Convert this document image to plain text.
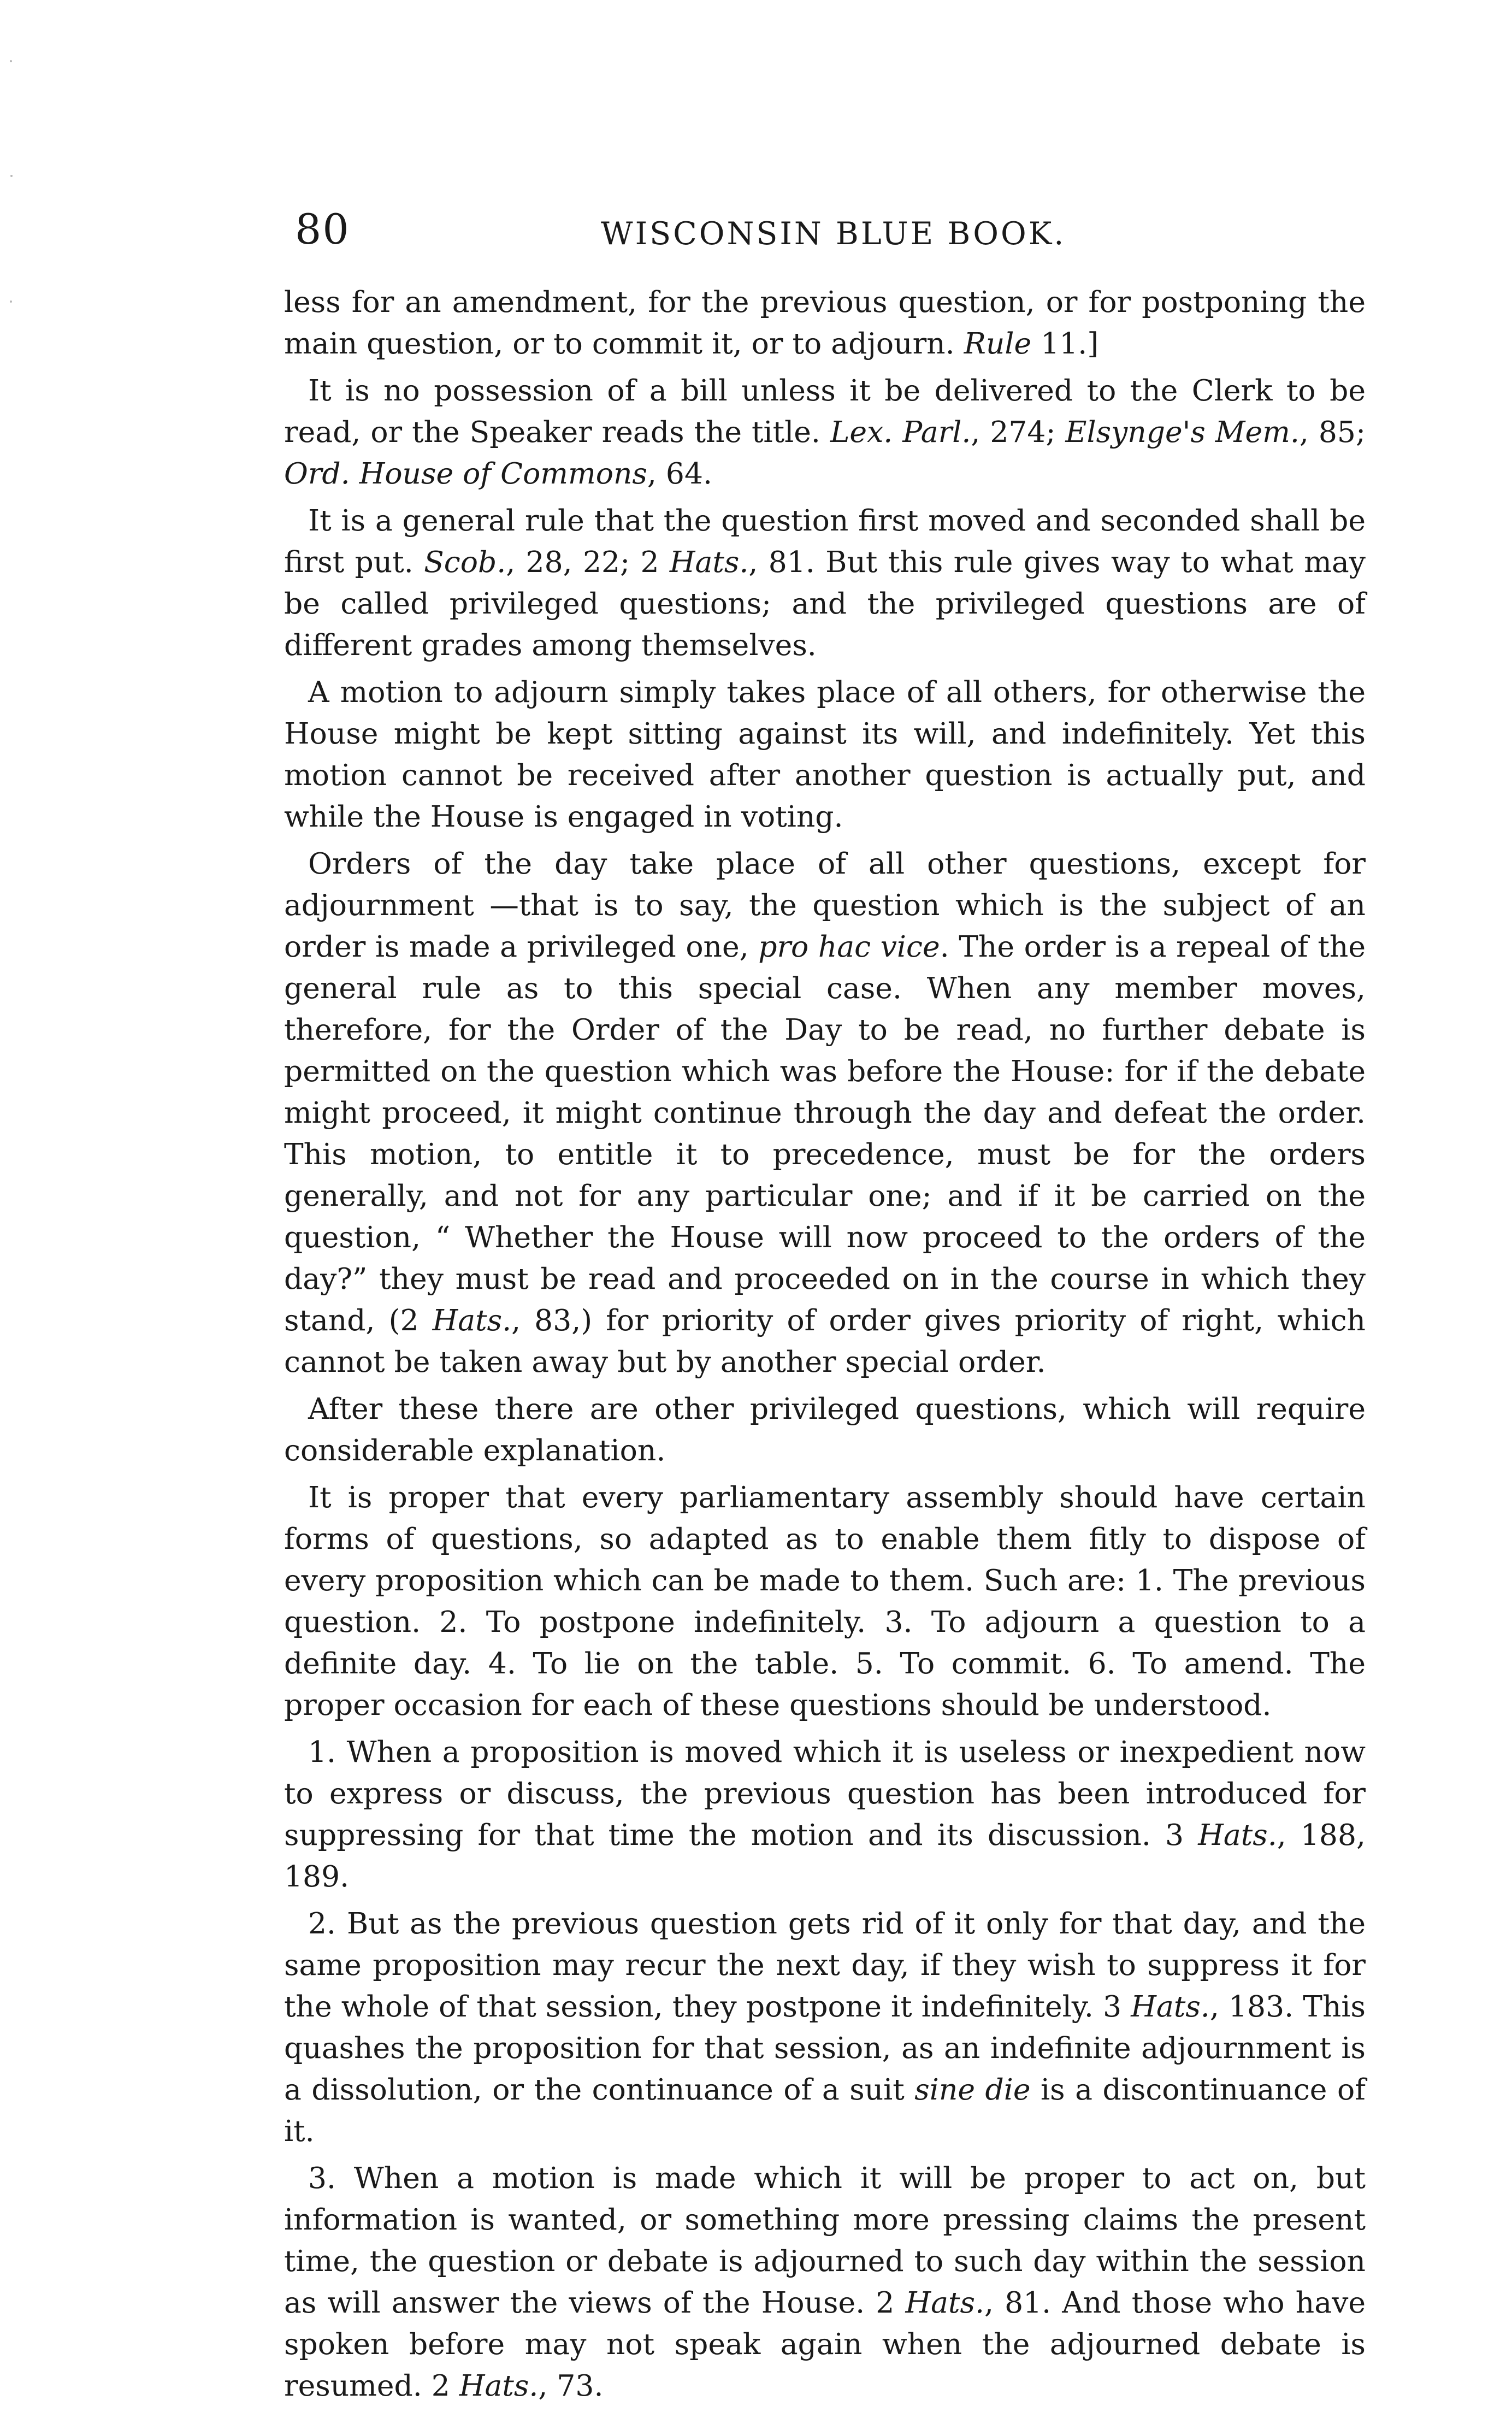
80	WISCONSIN BLUE BOOK.

less for an amendment, for the previous question, or for postponing the main question, or to commit it, or to adjourn. Rule 11.]

It is no possession of a bill unless it be delivered to the Clerk to be read, or the Speaker reads the title. Lex. Parl., 274; Elsynge's Mem., 85; Ord. House of Commons, 64.

It is a general rule that the question first moved and seconded shall be first put. Scob., 28, 22; 2 Hats., 81. But this rule gives way to what may be called privileged questions; and the privileged questions are of different grades among themselves.

A motion to adjourn simply takes place of all others, for otherwise the House might be kept sitting against its will, and indefinitely. Yet this motion cannot be received after another question is actually put, and while the House is engaged in voting.

Orders of the day take place of all other questions, except for adjournment —that is to say, the question which is the subject of an order is made a privileged one, pro hac vice. The order is a repeal of the general rule as to this special case. When any member moves, therefore, for the Order of the Day to be read, no further debate is permitted on the question which was before the House: for if the debate might proceed, it might continue through the day and defeat the order. This motion, to entitle it to precedence, must be for the orders generally, and not for any particular one; and if it be carried on the question, “ Whether the House will now proceed to the orders of the day?” they must be read and proceeded on in the course in which they stand, (2 Hats., 83,) for priority of order gives priority of right, which cannot be taken away but by another special order.

After these there are other privileged questions, which will require considerable explanation.

It is proper that every parliamentary assembly should have certain forms of questions, so adapted as to enable them fitly to dispose of every proposition which can be made to them. Such are: 1. The previous question. 2. To postpone indefinitely. 3. To adjourn a question to a definite day. 4. To lie on the table. 5. To commit. 6. To amend. The proper occasion for each of these questions should be understood.

1. When a proposition is moved which it is useless or inexpedient now to express or discuss, the previous question has been introduced for suppressing for that time the motion and its discussion. 3 Hats., 188, 189.

2. But as the previous question gets rid of it only for that day, and the same proposition may recur the next day, if they wish to suppress it for the whole of that session, they postpone it indefinitely. 3 Hats., 183. This quashes the proposition for that session, as an indefinite adjournment is a dissolution, or the continuance of a suit sine die is a discontinuance of it.

3. When a motion is made which it will be proper to act on, but information is wanted, or something more pressing claims the present time, the question or debate is adjourned to such day within the session as will answer the views of the House. 2 Hats., 81. And those who have spoken before may not speak again when the adjourned debate is resumed. 2 Hats., 73.
